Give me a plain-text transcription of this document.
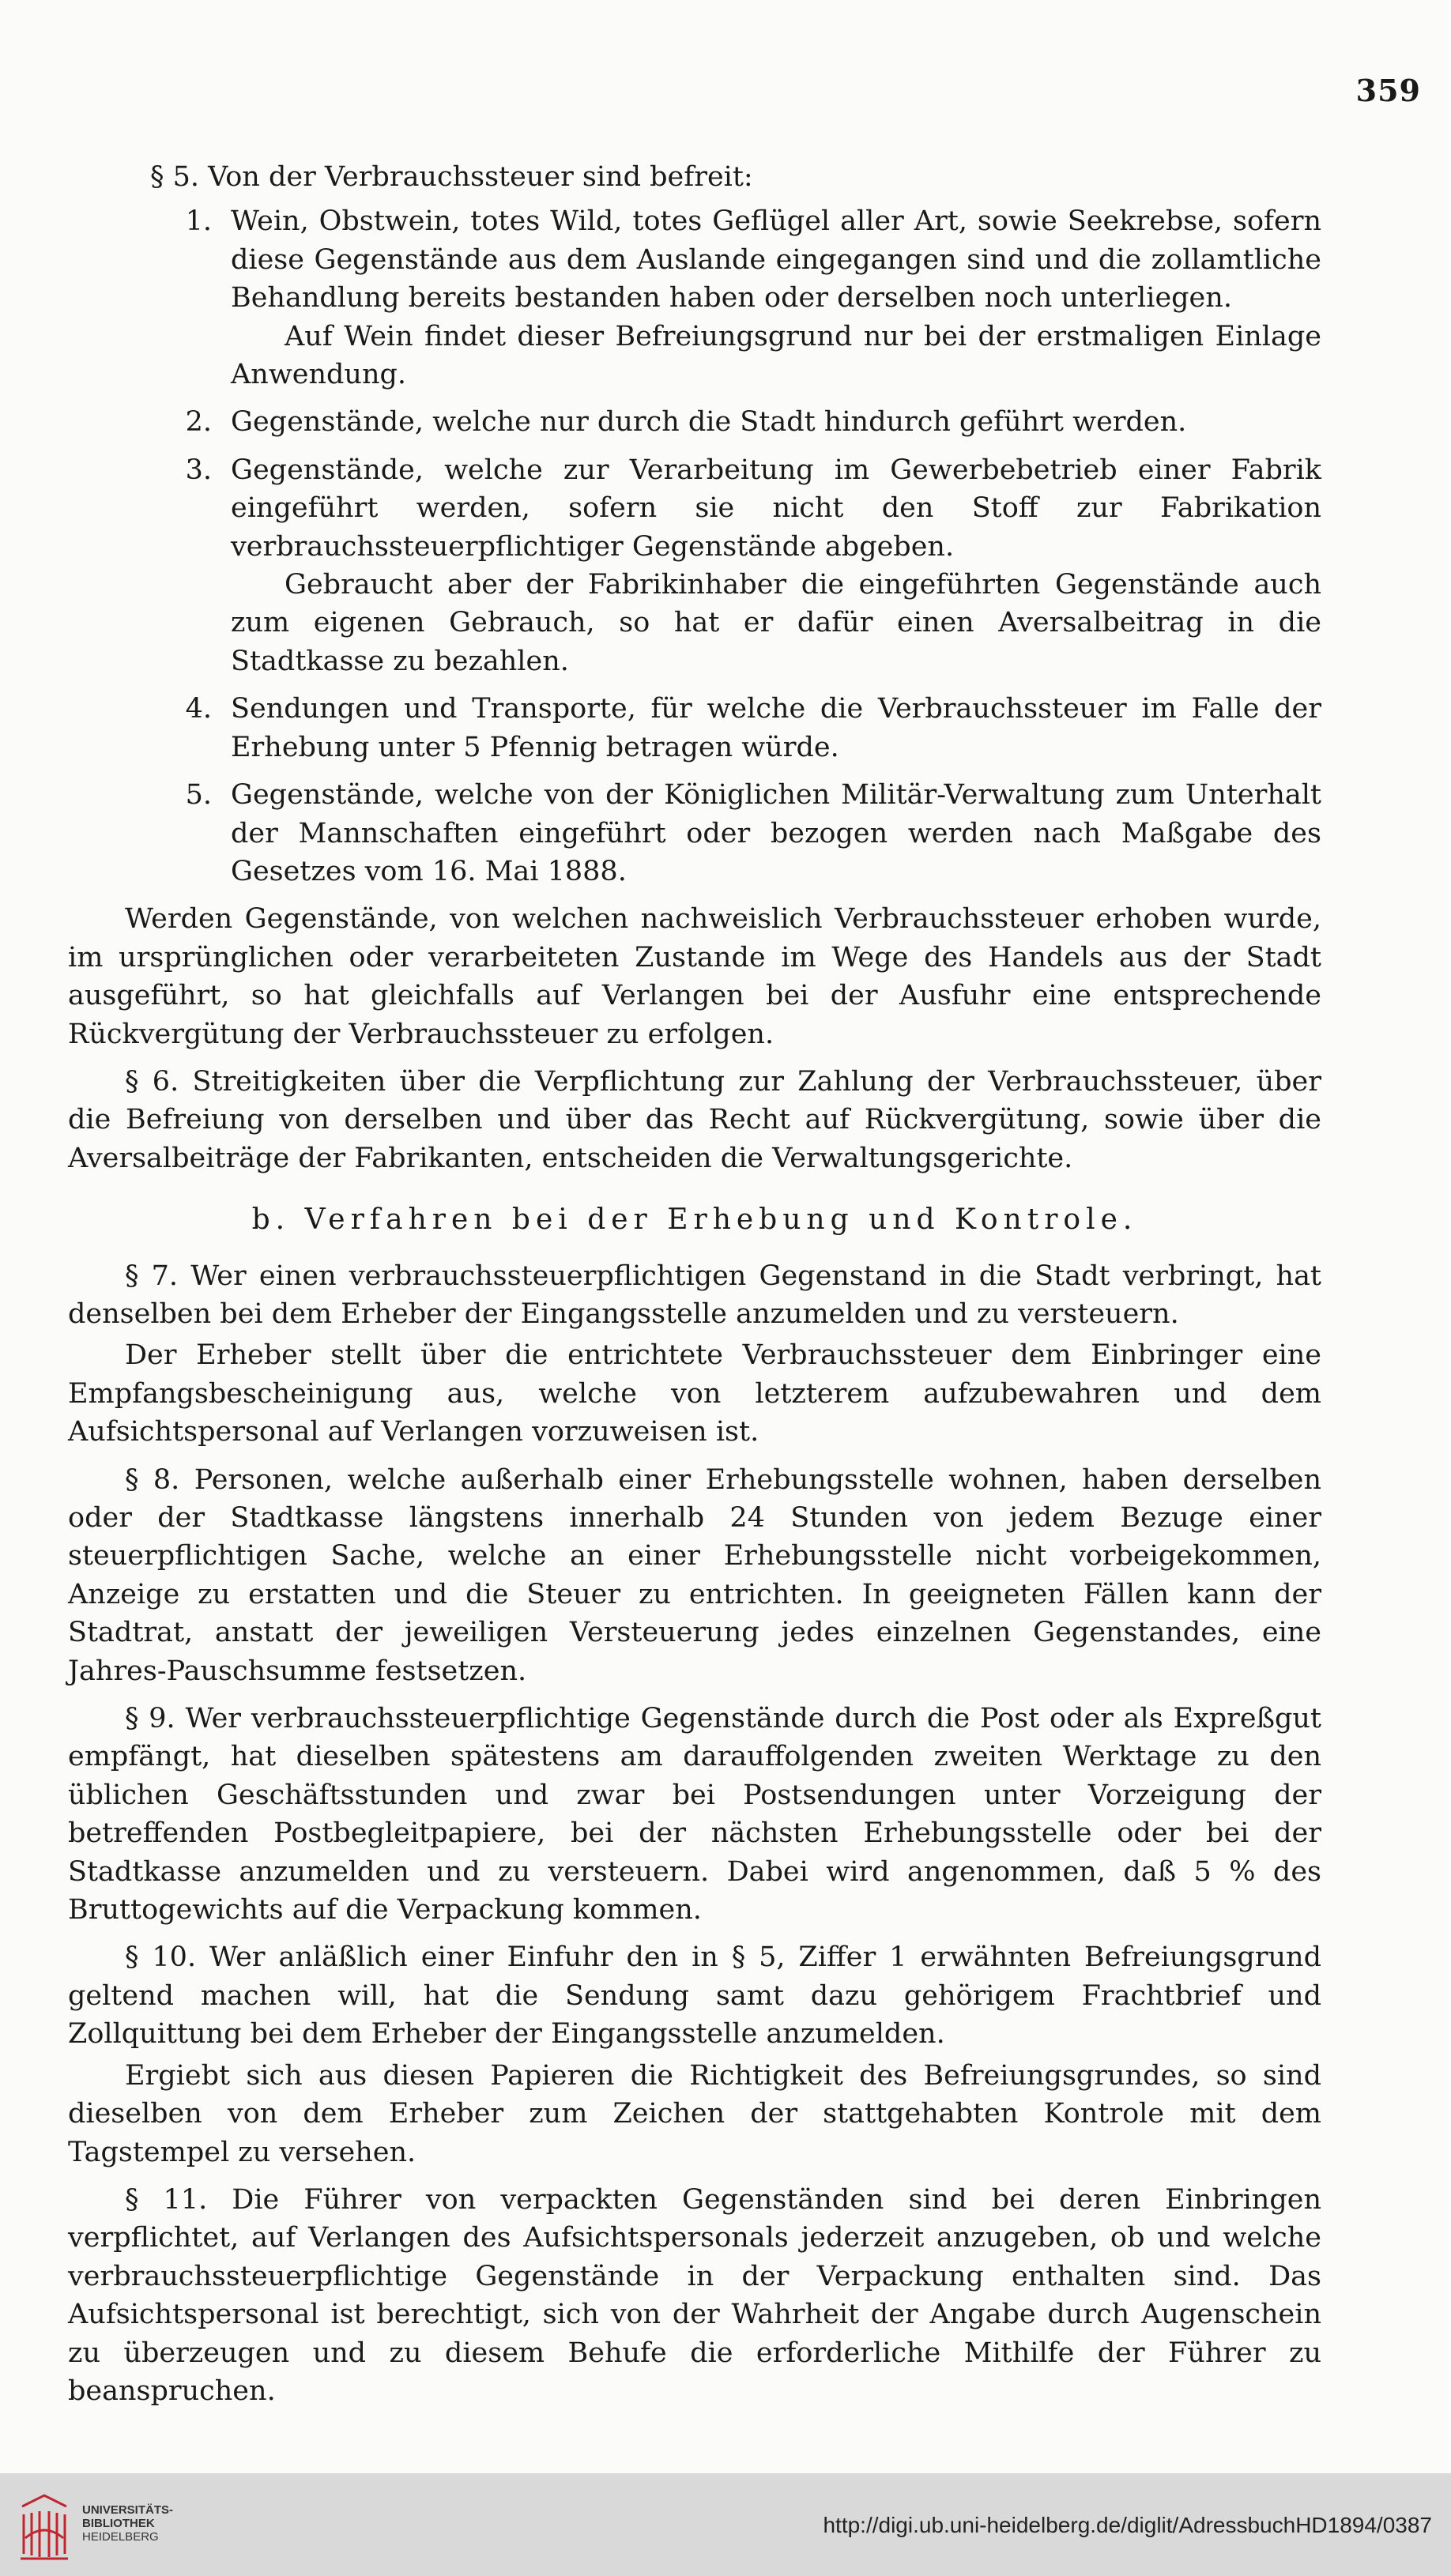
359

§ 5. Von der Verbrauchssteuer sind befreit:

1. Wein, Obstwein, totes Wild, totes Geflügel aller Art, sowie Seekrebse, sofern diese Gegenstände aus dem Auslande eingegangen sind und die zollamtliche Behandlung bereits bestanden haben oder derselben noch unterliegen.

Auf Wein findet dieser Befreiungsgrund nur bei der erstmaligen Einlage Anwendung.

2. Gegenstände, welche nur durch die Stadt hindurch geführt werden.

3. Gegenstände, welche zur Verarbeitung im Gewerbebetrieb einer Fabrik eingeführt werden, sofern sie nicht den Stoff zur Fabrikation verbrauchssteuerpflichtiger Gegenstände abgeben.

Gebraucht aber der Fabrikinhaber die eingeführten Gegenstände auch zum eigenen Gebrauch, so hat er dafür einen Aversalbeitrag in die Stadtkasse zu bezahlen.

4. Sendungen und Transporte, für welche die Verbrauchssteuer im Falle der Erhebung unter 5 Pfennig betragen würde.

5. Gegenstände, welche von der Königlichen Militär-Verwaltung zum Unterhalt der Mannschaften eingeführt oder bezogen werden nach Maßgabe des Gesetzes vom 16. Mai 1888.

Werden Gegenstände, von welchen nachweislich Verbrauchssteuer erhoben wurde, im ursprünglichen oder verarbeiteten Zustande im Wege des Handels aus der Stadt ausgeführt, so hat gleichfalls auf Verlangen bei der Ausfuhr eine entsprechende Rückvergütung der Verbrauchssteuer zu erfolgen.

§ 6. Streitigkeiten über die Verpflichtung zur Zahlung der Verbrauchssteuer, über die Befreiung von derselben und über das Recht auf Rückvergütung, sowie über die Aversalbeiträge der Fabrikanten, entscheiden die Verwaltungsgerichte.

b. Verfahren bei der Erhebung und Kontrole.

§ 7. Wer einen verbrauchssteuerpflichtigen Gegenstand in die Stadt verbringt, hat denselben bei dem Erheber der Eingangsstelle anzumelden und zu versteuern.

Der Erheber stellt über die entrichtete Verbrauchssteuer dem Einbringer eine Empfangsbescheinigung aus, welche von letzterem aufzubewahren und dem Aufsichtspersonal auf Verlangen vorzuweisen ist.

§ 8. Personen, welche außerhalb einer Erhebungsstelle wohnen, haben derselben oder der Stadtkasse längstens innerhalb 24 Stunden von jedem Bezuge einer steuerpflichtigen Sache, welche an einer Erhebungsstelle nicht vorbeigekommen, Anzeige zu erstatten und die Steuer zu entrichten. In geeigneten Fällen kann der Stadtrat, anstatt der jeweiligen Versteuerung jedes einzelnen Gegenstandes, eine Jahres-Pauschsumme festsetzen.

§ 9. Wer verbrauchssteuerpflichtige Gegenstände durch die Post oder als Expreßgut empfängt, hat dieselben spätestens am darauffolgenden zweiten Werktage zu den üblichen Geschäftsstunden und zwar bei Postsendungen unter Vorzeigung der betreffenden Postbegleitpapiere, bei der nächsten Erhebungsstelle oder bei der Stadtkasse anzumelden und zu versteuern. Dabei wird angenommen, daß 5 % des Bruttogewichts auf die Verpackung kommen.

§ 10. Wer anläßlich einer Einfuhr den in § 5, Ziffer 1 erwähnten Befreiungsgrund geltend machen will, hat die Sendung samt dazu gehörigem Frachtbrief und Zollquittung bei dem Erheber der Eingangsstelle anzumelden.

Ergiebt sich aus diesen Papieren die Richtigkeit des Befreiungsgrundes, so sind dieselben von dem Erheber zum Zeichen der stattgehabten Kontrole mit dem Tagstempel zu versehen.

§ 11. Die Führer von verpackten Gegenständen sind bei deren Einbringen verpflichtet, auf Verlangen des Aufsichtspersonals jederzeit anzugeben, ob und welche verbrauchssteuerpflichtige Gegenstände in der Verpackung enthalten sind. Das Aufsichtspersonal ist berechtigt, sich von der Wahrheit der Angabe durch Augenschein zu überzeugen und zu diesem Behufe die erforderliche Mithilfe der Führer zu beanspruchen.

UNIVERSITÄTS-
BIBLIOTHEK
HEIDELBERG	http://digi.ub.uni-heidelberg.de/diglit/AdressbuchHD1894/0387
